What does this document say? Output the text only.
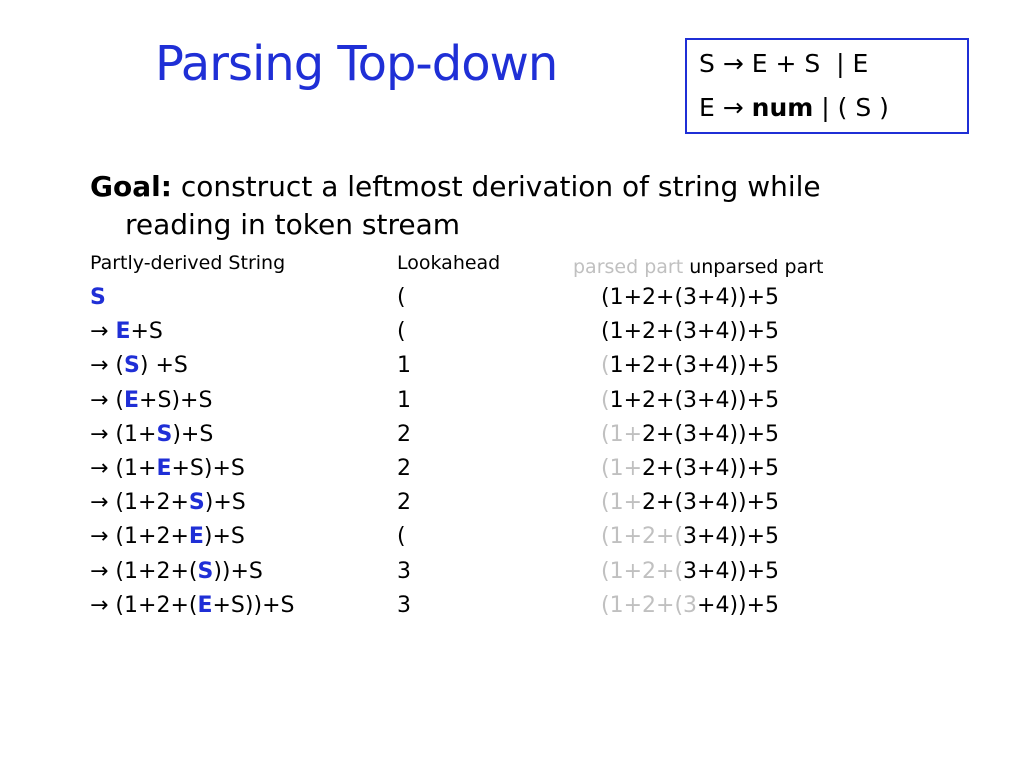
Parsing Top-down	S → E + S  | E
E → num | ( S )
Goal: construct a leftmost derivation of string while
reading in token stream
Partly-derived String	Lookahead	parsed part unparsed part
S	(	(1+2+(3+4))+5
→ E+S	(	(1+2+(3+4))+5
→ (S) +S	1	(1+2+(3+4))+5
→ (E+S)+S	1	(1+2+(3+4))+5
→ (1+S)+S	2	(1+2+(3+4))+5
→ (1+E+S)+S	2	(1+2+(3+4))+5
→ (1+2+S)+S	2	(1+2+(3+4))+5
→ (1+2+E)+S	(	(1+2+(3+4))+5
→ (1+2+(S))+S	3	(1+2+(3+4))+5
→ (1+2+(E+S))+S	3	(1+2+(3+4))+5
